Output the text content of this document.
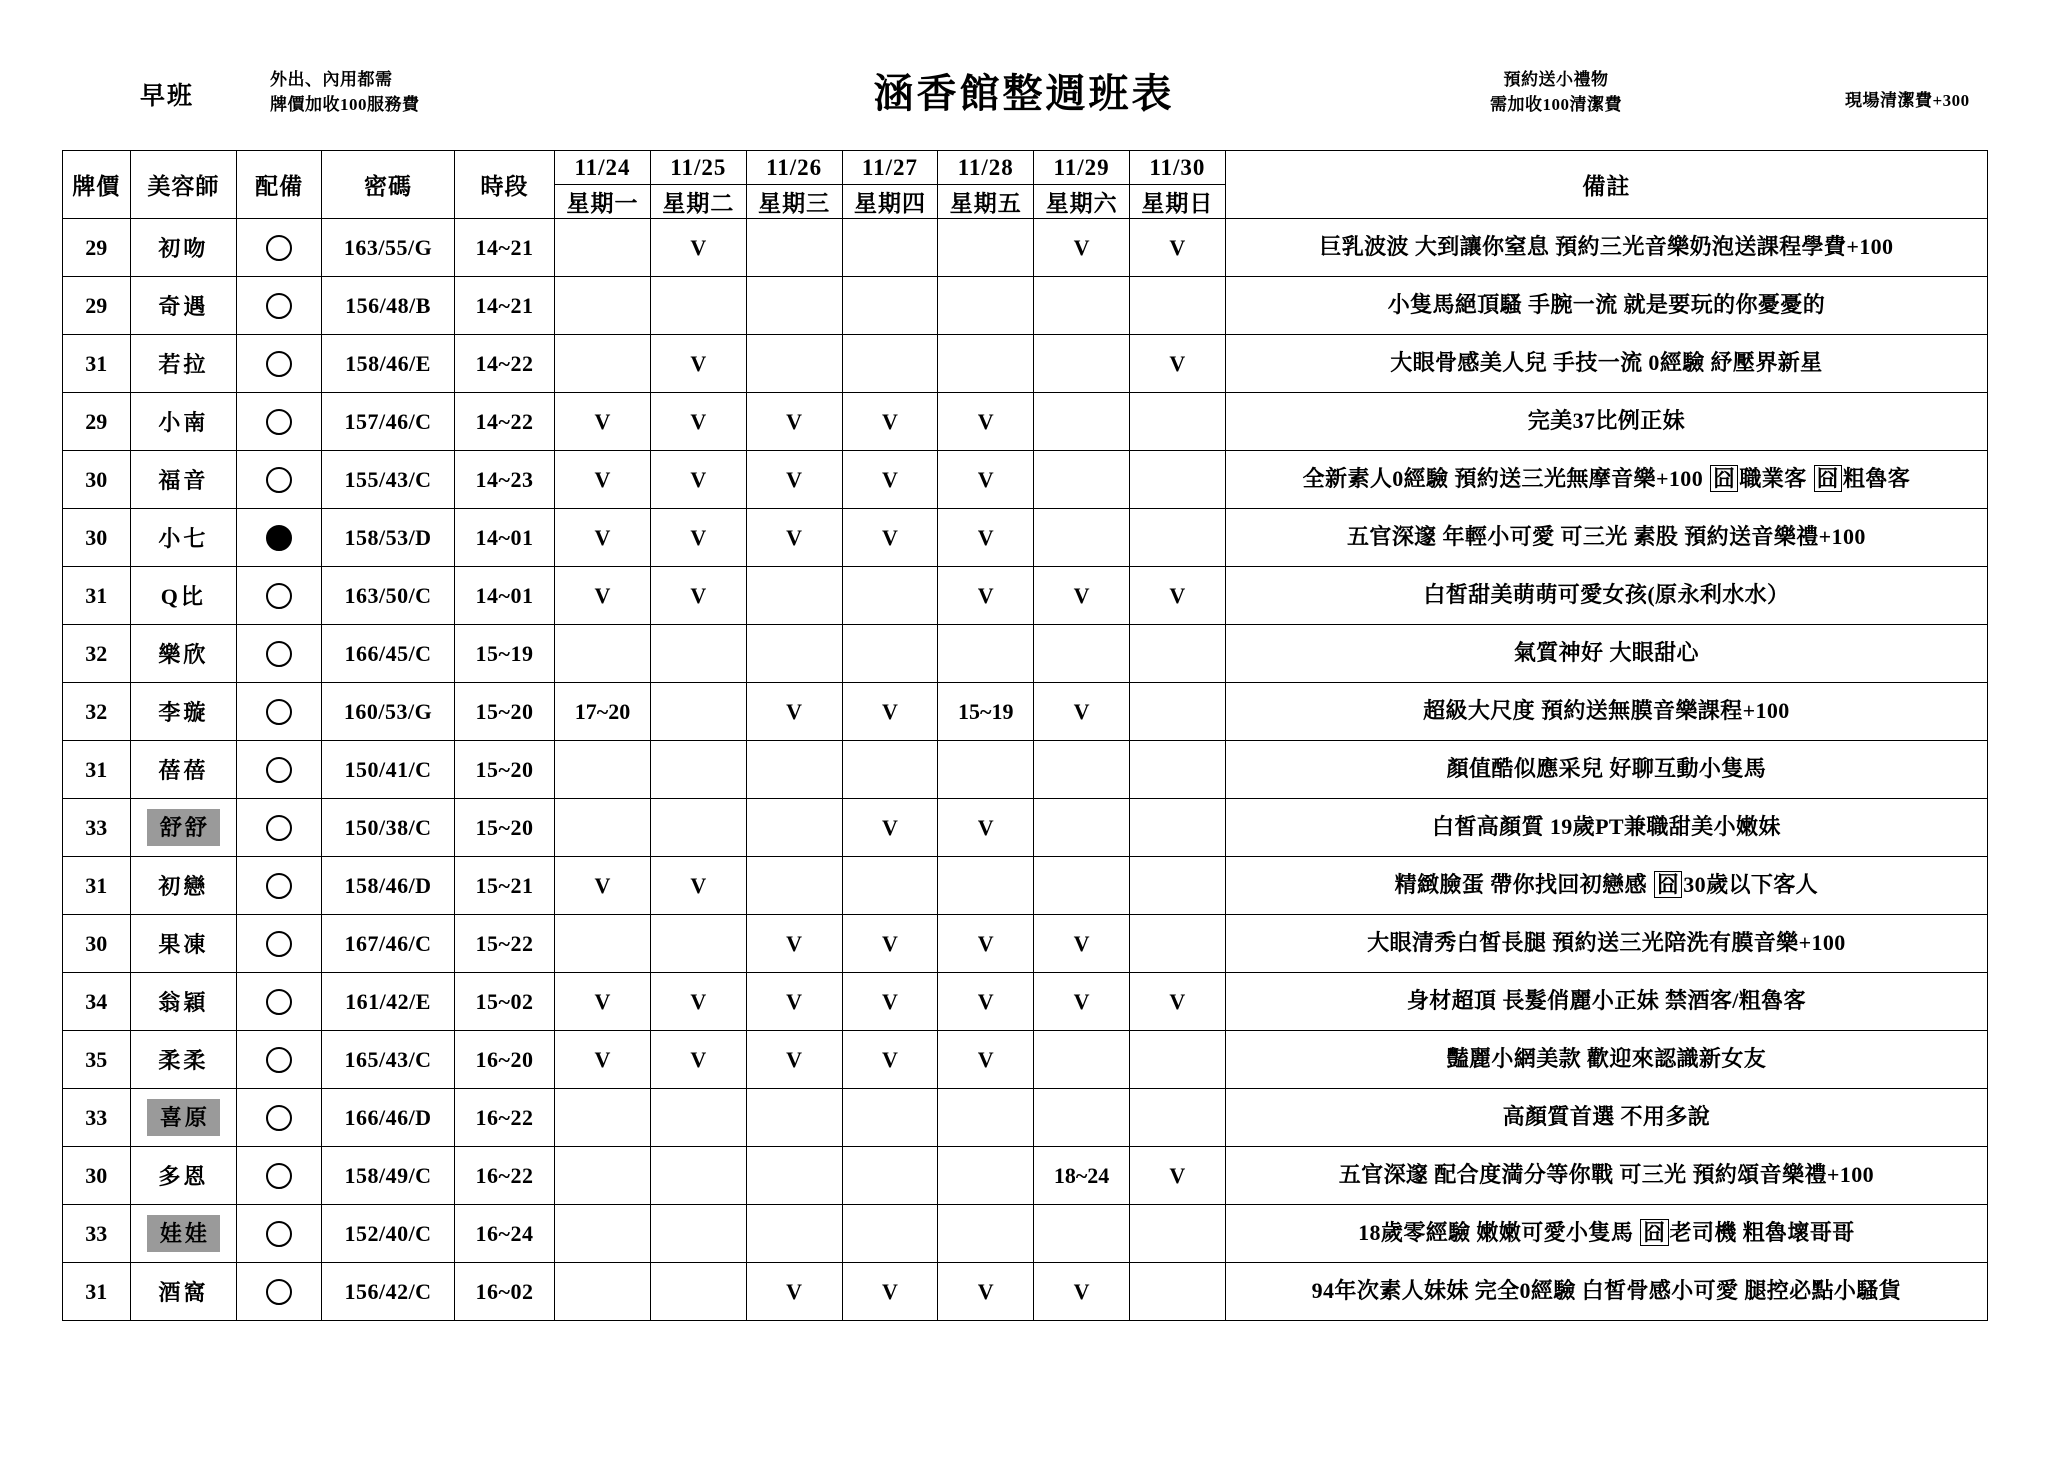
早班
外出、內用都需
牌價加收100服務費	涵香館整週班表	預約送小禮物
需加收100清潔費	現場清潔費+300
牌價	美容師	配備	密碼	時段	11/24	11/25	11/26	11/27	11/28	11/29	11/30	備註
					星期一	星期二	星期三	星期四	星期五	星期六	星期日	
29	初吻		163/55/G	14~21		V				V	V	巨乳波波 大到讓你窒息 預約三光音樂奶泡送課程學費+100
29	奇遇		156/48/B	14~21								小隻馬絕頂騷 手腕一流 就是要玩的你憂憂的
31	若拉		158/46/E	14~22		V					V	大眼骨感美人兒 手技一流 0經驗 紓壓界新星
29	小南		157/46/C	14~22	V	V	V	V	V			完美37比例正妹
30	福音		155/43/C	14~23	V	V	V	V	V			全新素人0經驗 預約送三光無摩音樂+100 囧 職業客 囧 粗魯客
30	小七		158/53/D	14~01	V	V	V	V	V			五官深邃 年輕小可愛 可三光 素股 預約送音樂禮+100
31	Q比		163/50/C	14~01	V	V			V	V	V	白皙甜美萌萌可愛女孩(原永利水水）
32	樂欣		166/45/C	15~19								氣質神好 大眼甜心
32	李璇		160/53/G	15~20	17~20		V	V	15~19	V		超級大尺度 預約送無膜音樂課程+100
31	蓓蓓		150/41/C	15~20								顏值酷似應采兒 好聊互動小隻馬
33	舒舒		150/38/C	15~20				V	V			白皙高顏質 19歲PT兼職甜美小嫩妹
31	初戀		158/46/D	15~21	V	V						精緻臉蛋 帶你找回初戀感 囧 30歲以下客人
30	果凍		167/46/C	15~22			V	V	V	V		大眼清秀白皙長腿 預約送三光陪洗有膜音樂+100
34	翁穎		161/42/E	15~02	V	V	V	V	V	V	V	身材超頂 長髮俏麗小正妹 禁酒客/粗魯客
35	柔柔		165/43/C	16~20	V	V	V	V	V			豔麗小網美款 歡迎來認識新女友
33	喜原		166/46/D	16~22								高顏質首選 不用多說
30	多恩		158/49/C	16~22						18~24	V	五官深邃 配合度満分等你戰 可三光 預約頌音樂禮+100
33	娃娃		152/40/C	16~24								18歲零經驗 嫩嫩可愛小隻馬 囧 老司機 粗魯壞哥哥
31	酒窩		156/42/C	16~02			V	V	V	V		94年次素人妹妹 完全0經驗 白皙骨感小可愛 腿控必點小騷貨
